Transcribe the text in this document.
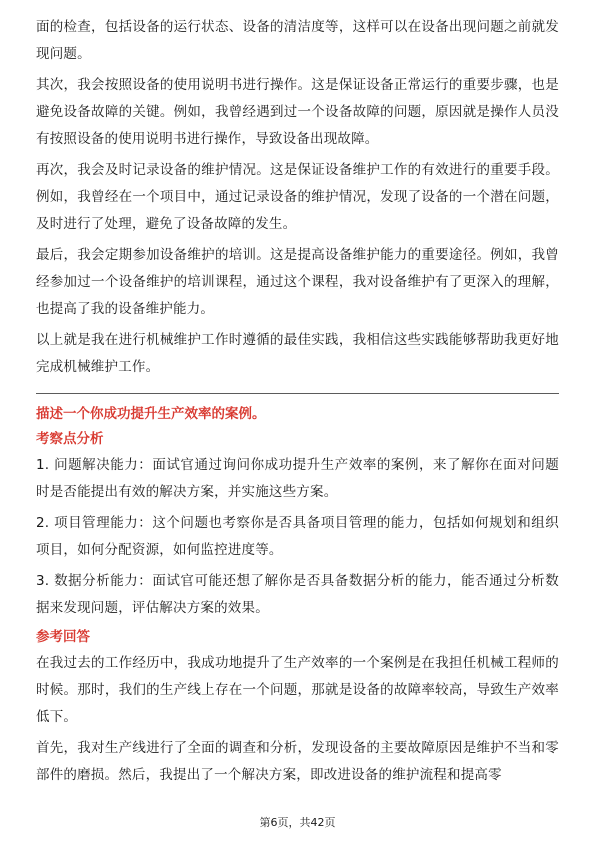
面的检查，包括设备的运行状态、设备的清洁度等，这样可以在设备出现问题之前就发现问题。

其次，我会按照设备的使用说明书进行操作。这是保证设备正常运行的重要步骤，也是避免设备故障的关键。例如，我曾经遇到过一个设备故障的问题，原因就是操作人员没有按照设备的使用说明书进行操作，导致设备出现故障。

再次，我会及时记录设备的维护情况。这是保证设备维护工作的有效进行的重要手段。例如，我曾经在一个项目中，通过记录设备的维护情况，发现了设备的一个潜在问题，及时进行了处理，避免了设备故障的发生。

最后，我会定期参加设备维护的培训。这是提高设备维护能力的重要途径。例如，我曾经参加过一个设备维护的培训课程，通过这个课程，我对设备维护有了更深入的理解，也提高了我的设备维护能力。

以上就是我在进行机械维护工作时遵循的最佳实践，我相信这些实践能够帮助我更好地完成机械维护工作。

描述一个你成功提升生产效率的案例。
考察点分析

1. 问题解决能力：面试官通过询问你成功提升生产效率的案例，来了解你在面对问题时是否能提出有效的解决方案，并实施这些方案。

2. 项目管理能力：这个问题也考察你是否具备项目管理的能力，包括如何规划和组织项目，如何分配资源，如何监控进度等。

3. 数据分析能力：面试官可能还想了解你是否具备数据分析的能力，能否通过分析数据来发现问题，评估解决方案的效果。

参考回答

在我过去的工作经历中，我成功地提升了生产效率的一个案例是在我担任机械工程师的时候。那时，我们的生产线上存在一个问题，那就是设备的故障率较高，导致生产效率低下。

首先，我对生产线进行了全面的调查和分析，发现设备的主要故障原因是维护不当和零部件的磨损。然后，我提出了一个解决方案，即改进设备的维护流程和提高零

第6页，共42页
